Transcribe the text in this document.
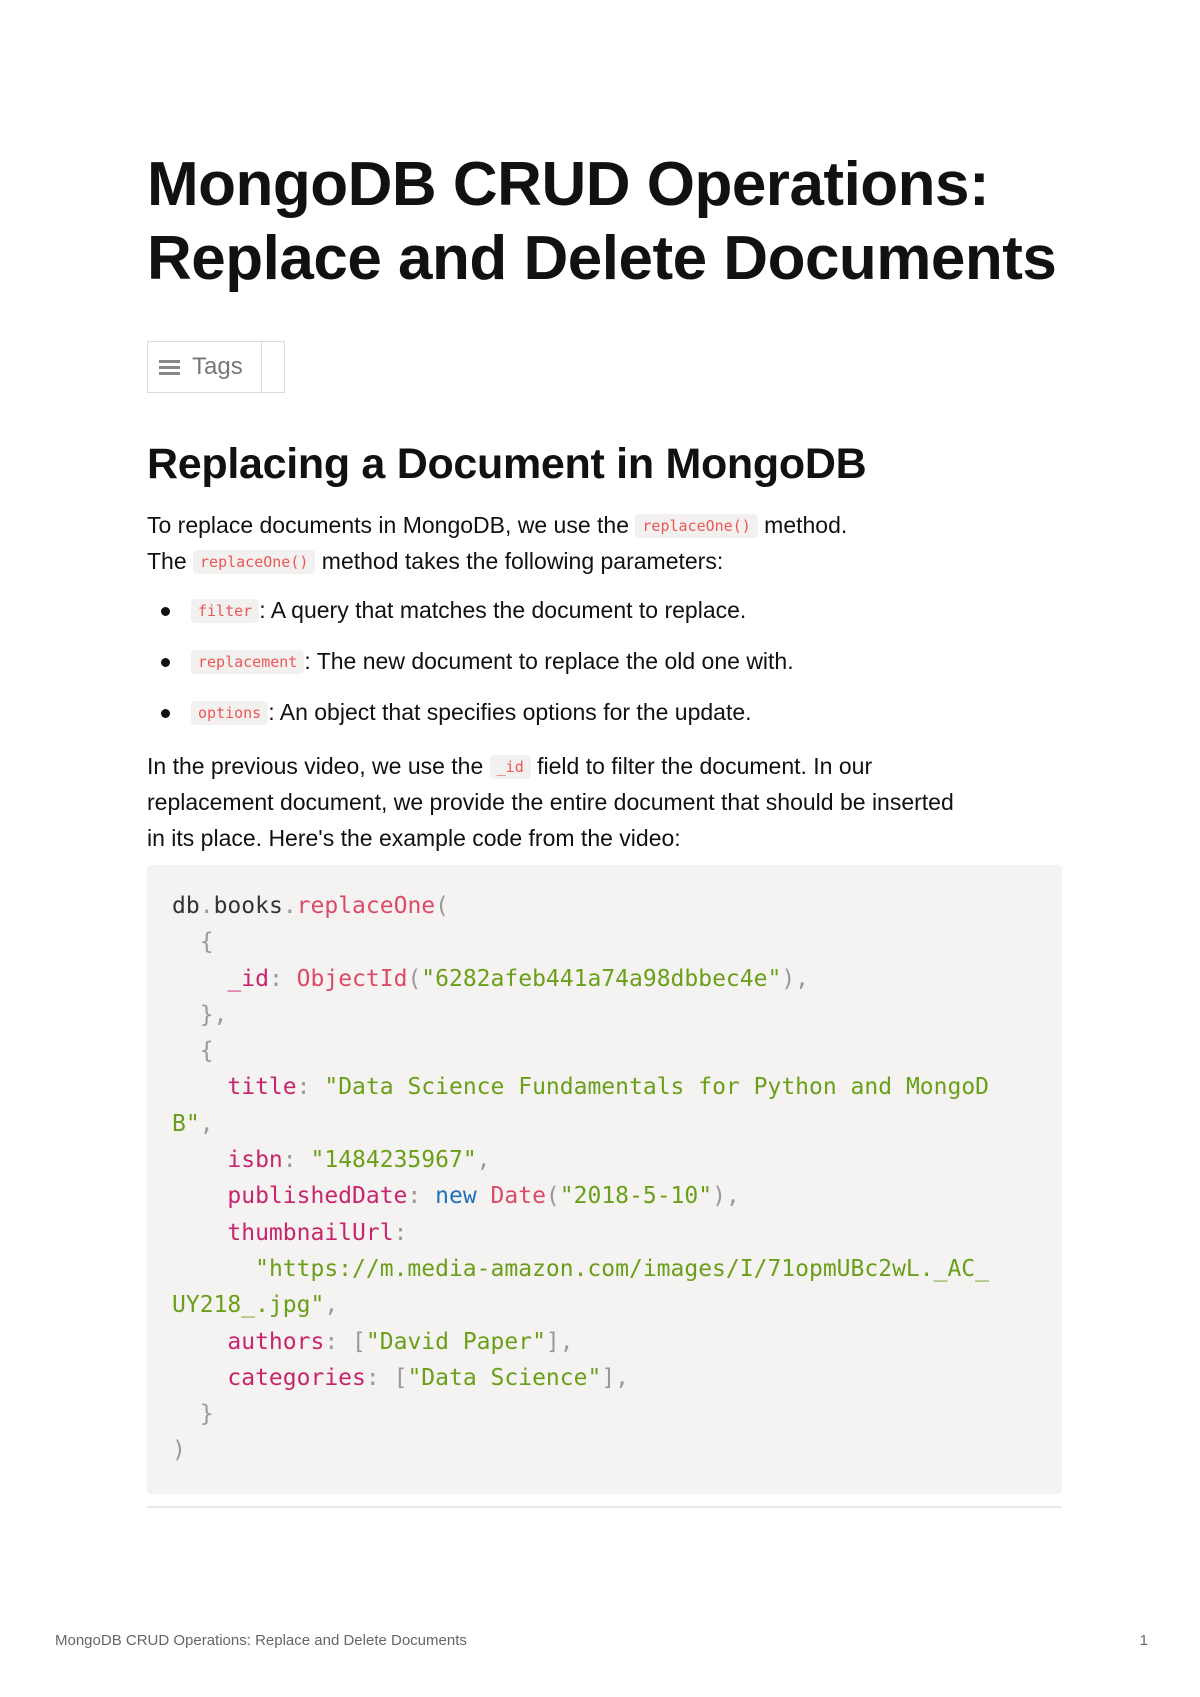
MongoDB CRUD Operations:
Replace and Delete Documents
Tags
Replacing a Document in MongoDB

To replace documents in MongoDB, we use the replaceOne() method.

The replaceOne() method takes the following parameters:

filter : A query that matches the document to replace.
replacement : The new document to replace the old one with.
options : An object that specifies options for the update.

In the previous video, we use the _id field to filter the document. In our

replacement document, we provide the entire document that should be inserted

in its place. Here's the example code from the video:

db.books.replaceOne(
{
_id: ObjectId("6282afeb441a74a98dbbec4e"),
},
{
title: "Data Science Fundamentals for Python and MongoD
B",
isbn: "1484235967",
publishedDate: new Date("2018-5-10"),
thumbnailUrl:
"https://m.media-amazon.com/images/I/71opmUBc2wL._AC_
UY218_.jpg",
authors: ["David Paper"],
categories: ["Data Science"],
}
)
MongoDB CRUD Operations: Replace and Delete Documents	1
